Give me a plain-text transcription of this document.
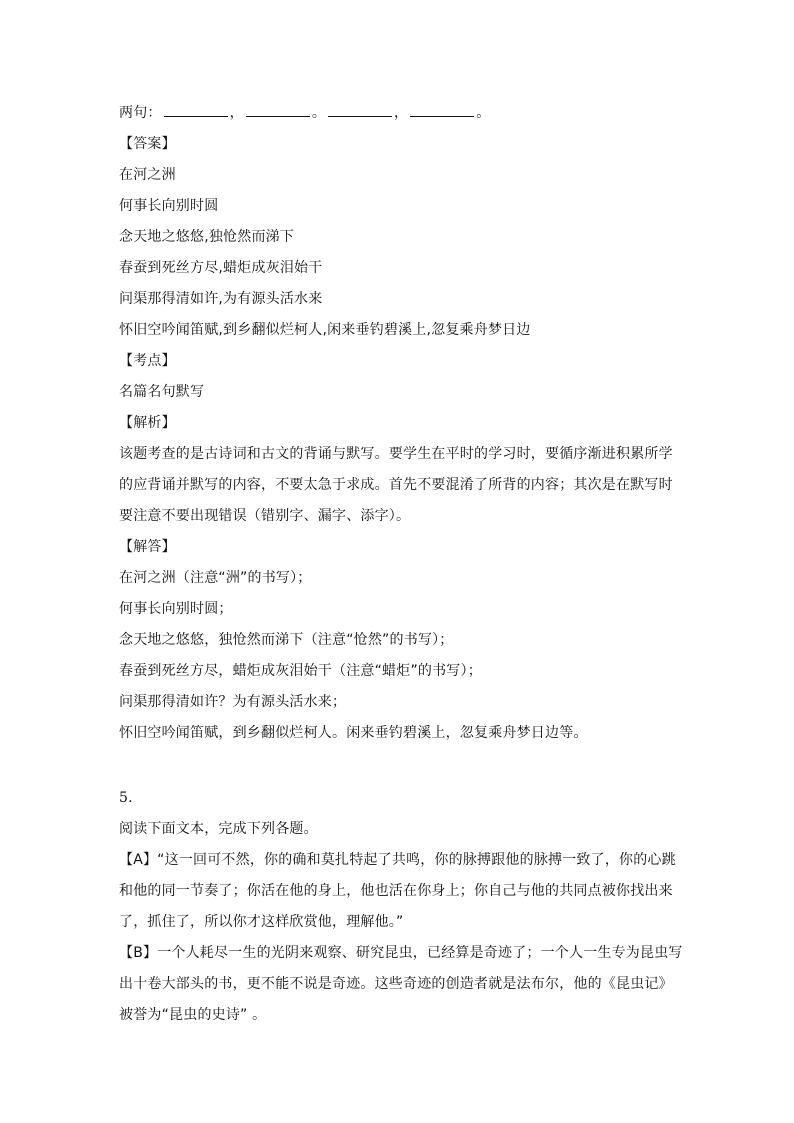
两句：	，	。	，	。
【答案】
在河之洲
何事长向别时圆
念天地之悠悠,独怆然而涕下
春蚕到死丝方尽,蜡炬成灰泪始干
问渠那得清如许,为有源头活水来
怀旧空吟闻笛赋,到乡翻似烂柯人,闲来垂钓碧溪上,忽复乘舟梦日边
【考点】
名篇名句默写
【解析】
该题考查的是古诗词和古文的背诵与默写。要学生在平时的学习时，要循序渐进积累所学
的应背诵并默写的内容，不要太急于求成。首先不要混淆了所背的内容；其次是在默写时
要注意不要出现错误（错别字、漏字、添字）。
【解答】
在河之洲（注意“洲”的书写）；
何事长向别时圆；
念天地之悠悠，独怆然而涕下（注意“怆然”的书写）；
春蚕到死丝方尽，蜡炬成灰泪始干（注意“蜡炬”的书写）；
问渠那得清如许？为有源头活水来；
怀旧空吟闻笛赋，到乡翻似烂柯人。闲来垂钓碧溪上，忽复乘舟梦日边等。
5.
阅读下面文本，完成下列各题。
【A】“这一回可不然，你的确和莫扎特起了共鸣，你的脉搏跟他的脉搏一致了，你的心跳
和他的同一节奏了；你活在他的身上，他也活在你身上；你自己与他的共同点被你找出来
了，抓住了，所以你才这样欣赏他，理解他。”
【B】一个人耗尽一生的光阴来观察、研究昆虫，已经算是奇迹了；一个人一生专为昆虫写
出十卷大部头的书，更不能不说是奇迹。这些奇迹的创造者就是法布尔，他的《昆虫记》
被誉为“昆虫的史诗” 。
